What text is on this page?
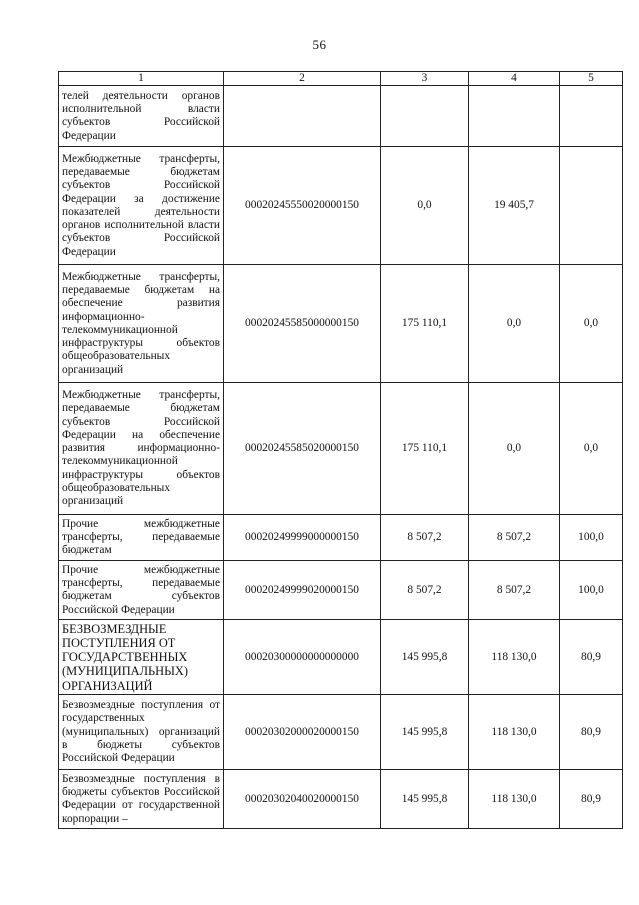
56
1	2	3	4	5
телей деятельности органов исполнительной власти субъектов Российской Федерации				
Межбюджетные трансферты, передаваемые бюджетам субъектов Российской Федерации за достижение показателей деятельности органов исполнительной власти субъектов Российской Федерации	00020245550020000150	0,0	19 405,7	
Межбюджетные трансферты, передаваемые бюджетам на обеспечение развития информационно-телекоммуникационной инфраструктуры объектов общеобразовательных организаций	00020245585000000150	175 110,1	0,0	0,0
Межбюджетные трансферты, передаваемые бюджетам субъектов Российской Федерации на обеспечение развития информационно-телекоммуникационной инфраструктуры объектов общеобразовательных организаций	00020245585020000150	175 110,1	0,0	0,0
Прочие межбюджетные трансферты, передаваемые бюджетам	00020249999000000150	8 507,2	8 507,2	100,0
Прочие межбюджетные трансферты, передаваемые бюджетам субъектов Российской Федерации	00020249999020000150	8 507,2	8 507,2	100,0
БЕЗВОЗМЕЗДНЫЕ ПОСТУПЛЕНИЯ ОТ ГОСУДАРСТВЕННЫХ (МУНИЦИПАЛЬНЫХ) ОРГАНИЗАЦИЙ	00020300000000000000	145 995,8	118 130,0	80,9
Безвозмездные поступления от государственных (муниципальных) организаций в бюджеты субъектов Российской Федерации	00020302000020000150	145 995,8	118 130,0	80,9
Безвозмездные поступления в бюджеты субъектов Российской Федерации от государственной корпорации –	00020302040020000150	145 995,8	118 130,0	80,9
